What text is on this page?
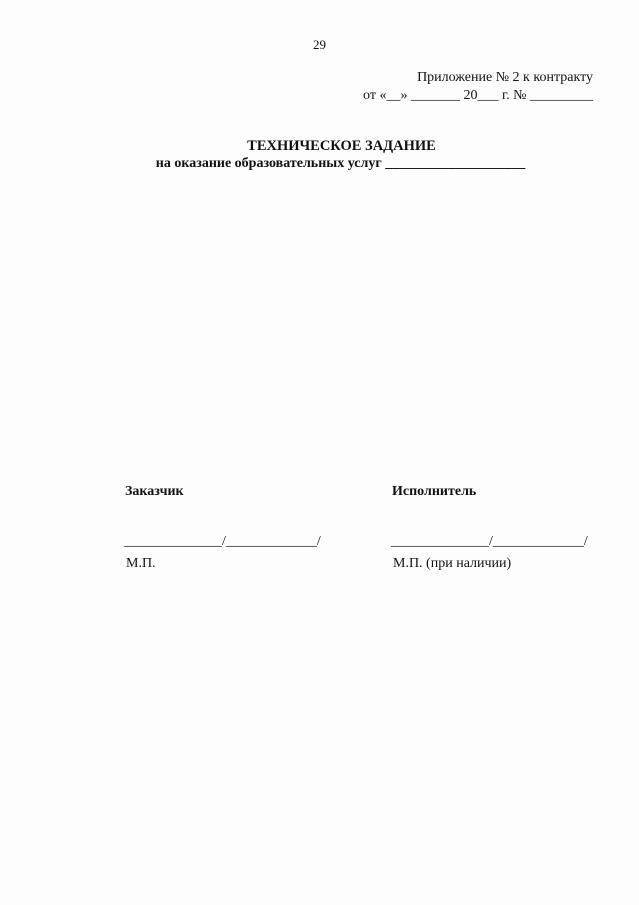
29
Приложение № 2 к контракту
от «__» _______ 20___ г. № _________
ТЕХНИЧЕСКОЕ ЗАДАНИЕ
на оказание образовательных услуг ____________________
Заказчик	Исполнитель
______________/_____________/	______________/_____________/
М.П.	М.П. (при наличии)
